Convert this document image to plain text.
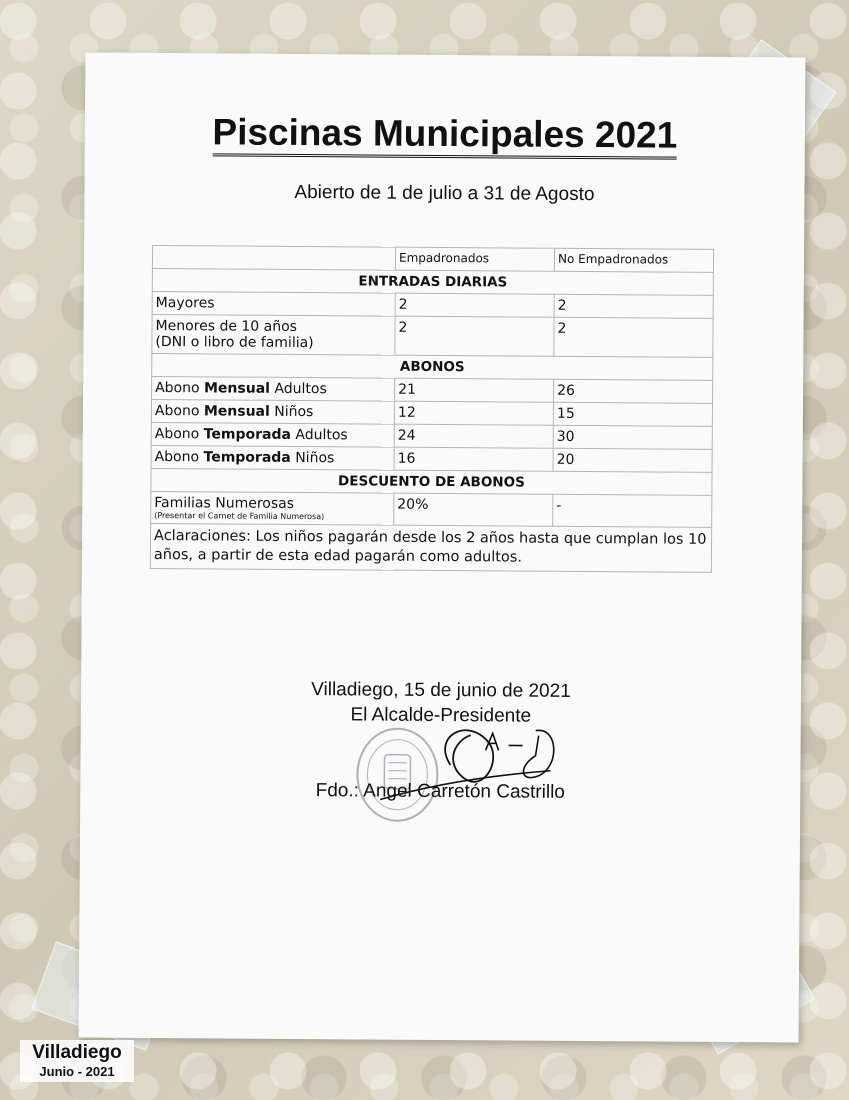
Piscinas Municipales 2021
Abierto de 1 de julio a 31 de Agosto
	Empadronados	No Empadronados
ENTRADAS DIARIAS		
Mayores	2	2
Menores de 10 años
(DNI o libro de familia)	2	2
ABONOS		
Abono Mensual Adultos	21	26
Abono Mensual Niños	12	15
Abono Temporada Adultos	24	30
Abono Temporada Niños	16	20
DESCUENTO DE ABONOS		
Familias Numerosas
(Presentar el Carnet de Familia Numerosa)	20%	-
Aclaraciones: Los niños pagarán desde los 2 años hasta que cumplan los 10 años, a partir de esta edad pagarán como adultos.		
Villadiego, 15 de junio de 2021
El Alcalde-Presidente
Fdo.: Angel Carretón Castrillo
Villadiego
Junio - 2021
